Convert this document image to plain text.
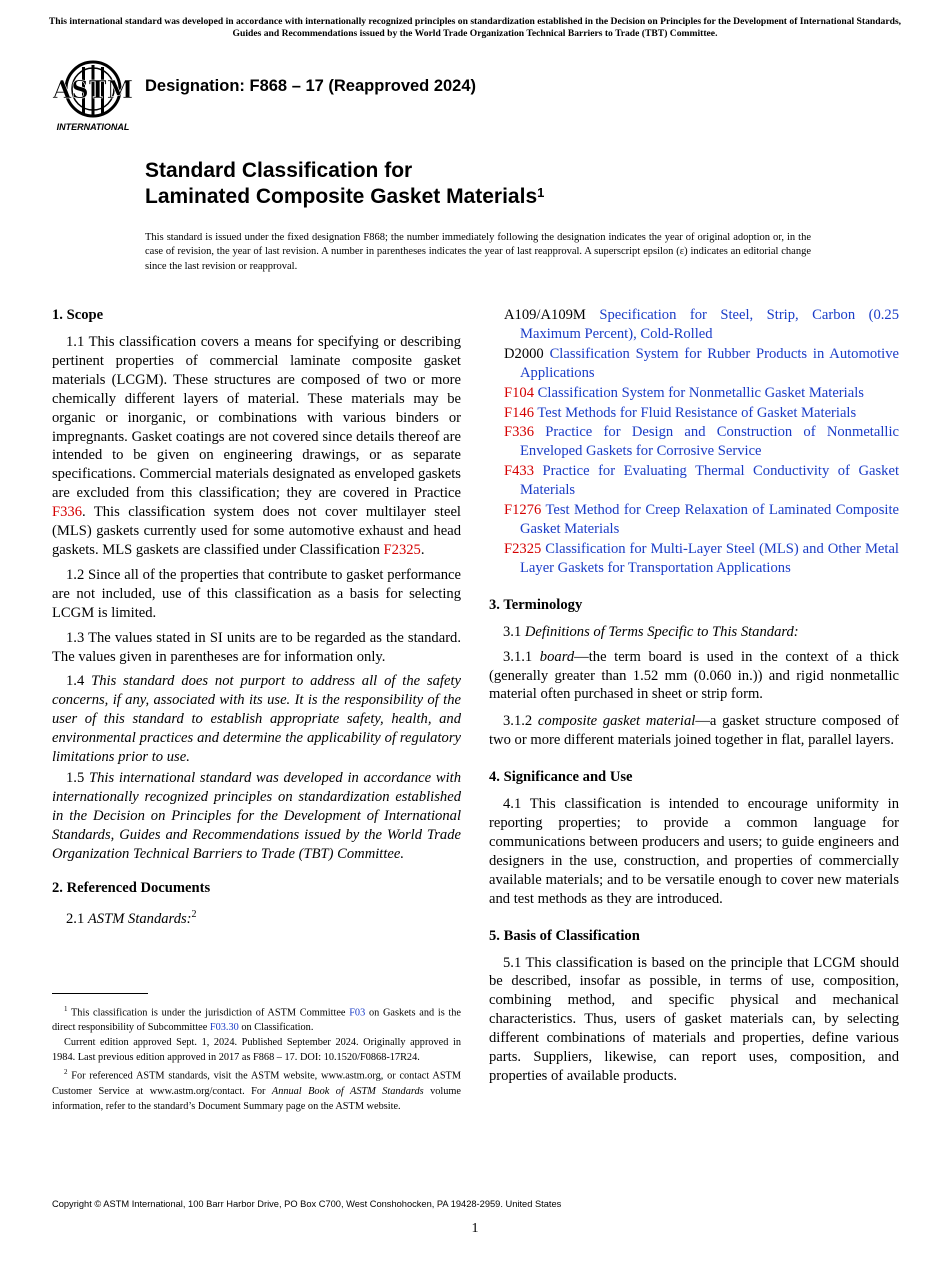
This international standard was developed in accordance with internationally recognized principles on standardization established in the Decision on Principles for the Development of International Standards, Guides and Recommendations issued by the World Trade Organization Technical Barriers to Trade (TBT) Committee.
ASTM
INTERNATIONAL
Designation: F868 – 17 (Reapproved 2024)
Standard Classification for
Laminated Composite Gasket Materials$^1$
This standard is issued under the fixed designation F868; the number immediately following the designation indicates the year of original adoption or, in the case of revision, the year of last revision. A number in parentheses indicates the year of last reapproval. A superscript epsilon (ε) indicates an editorial change since the last revision or reapproval.
1. Scope

1.1 This classification covers a means for specifying or describing pertinent properties of commercial laminate composite gasket materials (LCGM). These structures are composed of two or more chemically different layers of material. These materials may be organic or inorganic, or combinations with various binders or impregnants. Gasket coatings are not covered since details thereof are intended to be given on engineering drawings, or as separate specifications. Commercial materials designated as enveloped gaskets are excluded from this classification; they are covered in Practice F336. This classification system does not cover multilayer steel (MLS) gaskets currently used for some automotive exhaust and head gaskets. MLS gaskets are classified under Classification F2325.

1.2 Since all of the properties that contribute to gasket performance are not included, use of this classification as a basis for selecting LCGM is limited.

1.3 The values stated in SI units are to be regarded as the standard. The values given in parentheses are for information only.

1.4 This standard does not purport to address all of the safety concerns, if any, associated with its use. It is the responsibility of the user of this standard to establish appropriate safety, health, and environmental practices and determine the applicability of regulatory limitations prior to use.

1.5 This international standard was developed in accordance with internationally recognized principles on standardization established in the Decision on Principles for the Development of International Standards, Guides and Recommendations issued by the World Trade Organization Technical Barriers to Trade (TBT) Committee.

2. Referenced Documents

2.1 ASTM Standards:$^2$

$^1$ This classification is under the jurisdiction of ASTM Committee F03 on Gaskets and is the direct responsibility of Subcommittee F03.30 on Classification.

Current edition approved Sept. 1, 2024. Published September 2024. Originally approved in 1984. Last previous edition approved in 2017 as F868 – 17. DOI: 10.1520/F0868-17R24.

$^2$ For referenced ASTM standards, visit the ASTM website, www.astm.org, or contact ASTM Customer Service at www.astm.org/contact. For Annual Book of ASTM Standards volume information, refer to the standard’s Document Summary page on the ASTM website.

A109/A109M Specification for Steel, Strip, Carbon (0.25 Maximum Percent), Cold-Rolled

D2000 Classification System for Rubber Products in Automotive Applications

F104 Classification System for Nonmetallic Gasket Materials

F146 Test Methods for Fluid Resistance of Gasket Materials

F336 Practice for Design and Construction of Nonmetallic Enveloped Gaskets for Corrosive Service

F433 Practice for Evaluating Thermal Conductivity of Gasket Materials

F1276 Test Method for Creep Relaxation of Laminated Composite Gasket Materials

F2325 Classification for Multi-Layer Steel (MLS) and Other Metal Layer Gaskets for Transportation Applications

3. Terminology

3.1 Definitions of Terms Specific to This Standard:

3.1.1 board—the term board is used in the context of a thick (generally greater than 1.52 mm (0.060 in.)) and rigid nonmetallic material often purchased in sheet or strip form.

3.1.2 composite gasket material—a gasket structure composed of two or more different materials joined together in flat, parallel layers.

4. Significance and Use

4.1 This classification is intended to encourage uniformity in reporting properties; to provide a common language for communications between producers and users; to guide engineers and designers in the use, construction, and properties of commercially available materials; and to be versatile enough to cover new materials and test methods as they are introduced.

5. Basis of Classification

5.1 This classification is based on the principle that LCGM should be described, insofar as possible, in terms of use, composition, combining method, and specific physical and mechanical characteristics. Thus, users of gasket materials can, by selecting different combinations of materials and properties, define various parts. Suppliers, likewise, can report uses, composition, and properties of available products.

Copyright © ASTM International, 100 Barr Harbor Drive, PO Box C700, West Conshohocken, PA 19428-2959. United States
1
